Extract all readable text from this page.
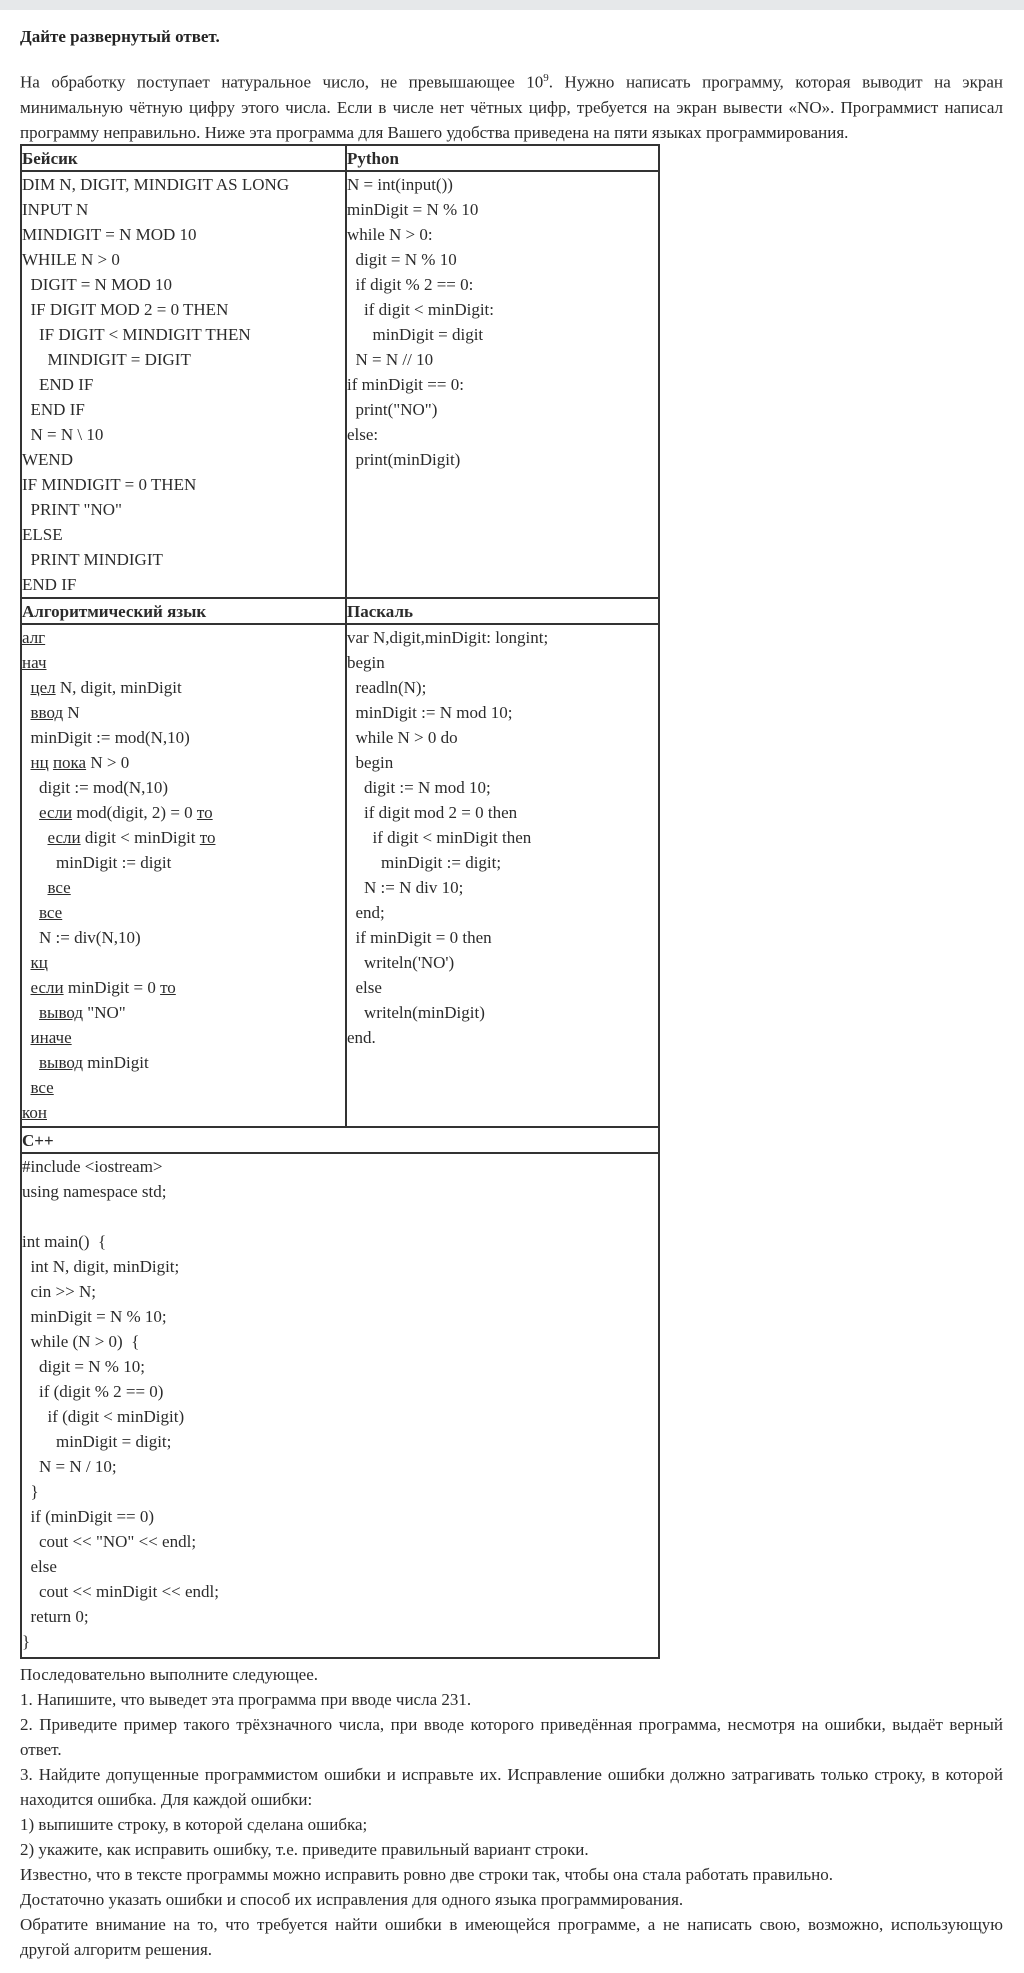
Дайте развернутый ответ.
На обработку поступает натуральное число, не превышающее $10^9$. Нужно написать программу, которая выводит на экран минимальную чётную цифру этого числа. Если в числе нет чётных цифр, требуется на экран вывести «NO». Программист написал программу неправильно. Ниже эта программа для Вашего удобства приведена на пяти языках программирования.
Бейсик	Python
Алгоритмический язык	Паскаль
C++
DIM N, DIGIT, MINDIGIT AS LONG
INPUT N
MINDIGIT = N MOD 10
WHILE N > 0
DIGIT = N MOD 10
IF DIGIT MOD 2 = 0 THEN
IF DIGIT < MINDIGIT THEN
MINDIGIT = DIGIT
END IF
END IF
N = N \ 10
WEND
IF MINDIGIT = 0 THEN
PRINT "NO"
ELSE
PRINT MINDIGIT
END IF
N = int(input())
minDigit = N % 10
while N > 0:
digit = N % 10
if digit % 2 == 0:
if digit < minDigit:
minDigit = digit
N = N // 10
if minDigit == 0:
print("NO")
else:
print(minDigit)
алг
нач
цел N, digit, minDigit
ввод N
minDigit := mod(N,10)
нц пока N > 0
digit := mod(N,10)
если mod(digit, 2) = 0 то
если digit < minDigit то
minDigit := digit
все
все
N := div(N,10)
кц
если minDigit = 0 то
вывод "NO"
иначе
вывод minDigit
все
кон
var N,digit,minDigit: longint;
begin
readln(N);
minDigit := N mod 10;
while N > 0 do
begin
digit := N mod 10;
if digit mod 2 = 0 then
if digit < minDigit then
minDigit := digit;
N := N div 10;
end;
if minDigit = 0 then
writeln('NO')
else
writeln(minDigit)
end.
#include <iostream>
using namespace std;
int main()  {
int N, digit, minDigit;
cin >> N;
minDigit = N % 10;
while (N > 0)  {
digit = N % 10;
if (digit % 2 == 0)
if (digit < minDigit)
minDigit = digit;
N = N / 10;
}
if (minDigit == 0)
cout << "NO" << endl;
else
cout << minDigit << endl;
return 0;
}
Последовательно выполните следующее.
1. Напишите, что выведет эта программа при вводе числа 231.
2. Приведите пример такого трёхзначного числа, при вводе которого приведённая программа, несмотря на ошибки, выдаёт верный ответ.
3. Найдите допущенные программистом ошибки и исправьте их. Исправление ошибки должно затрагивать только строку, в которой находится ошибка. Для каждой ошибки:
1) выпишите строку, в которой сделана ошибка;
2) укажите, как исправить ошибку, т.е. приведите правильный вариант строки.
Известно, что в тексте программы можно исправить ровно две строки так, чтобы она стала работать правильно.
Достаточно указать ошибки и способ их исправления для одного языка программирования.
Обратите внимание на то, что требуется найти ошибки в имеющейся программе, а не написать свою, возможно, использующую другой алгоритм решения.
